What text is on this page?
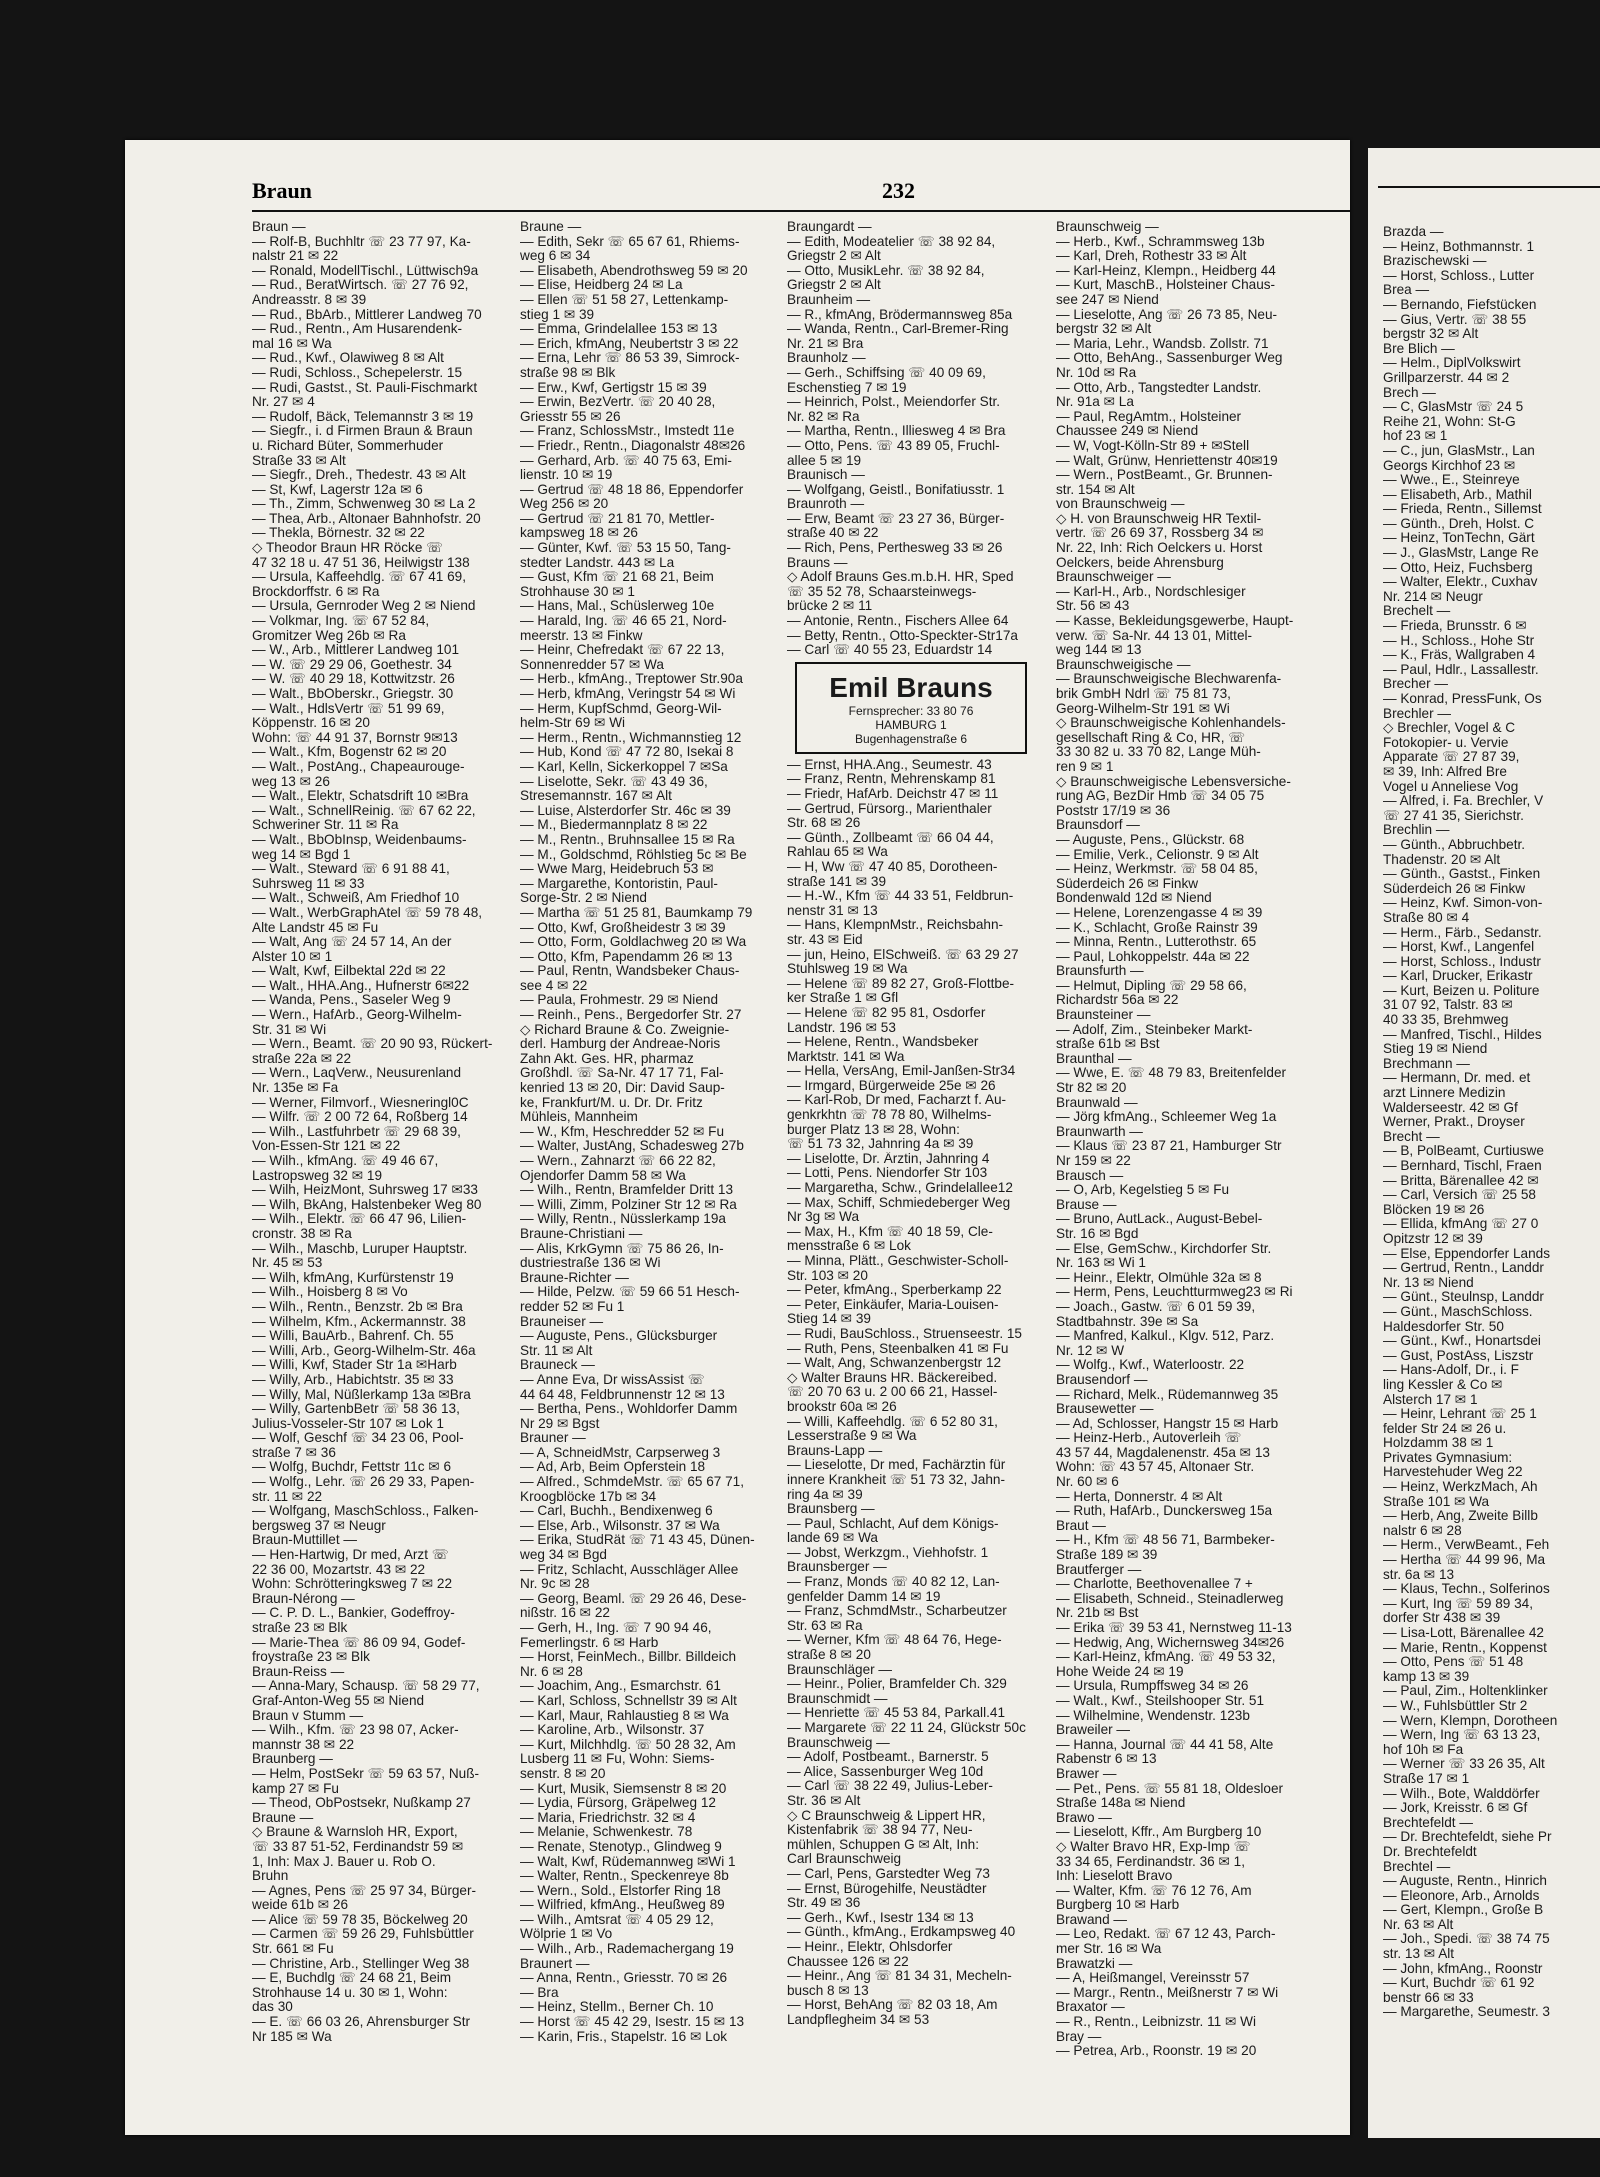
Braun	232
Braun —
— Rolf-B, Buchhltr ☏ 23 77 97, Ka-
nalstr 21 ✉ 22
— Ronald, ModellTischl., Lüttwisch9a
— Rud., BeratWirtsch. ☏ 27 76 92,
Andreasstr. 8 ✉ 39
— Rud., BbArb., Mittlerer Landweg 70
— Rud., Rentn., Am Husarendenk-
mal 16 ✉ Wa
— Rud., Kwf., Olawiweg 8 ✉ Alt
— Rudi, Schloss., Schepelerstr. 15
— Rudi, Gastst., St. Pauli-Fischmarkt
Nr. 27 ✉ 4
— Rudolf, Bäck, Telemannstr 3 ✉ 19
— Siegfr., i. d Firmen Braun & Braun
u. Richard Büter, Sommerhuder
Straße 33 ✉ Alt
— Siegfr., Dreh., Thedestr. 43 ✉ Alt
— St, Kwf, Lagerstr 12a ✉ 6
— Th., Zimm, Schwenweg 30 ✉ La 2
— Thea, Arb., Altonaer Bahnhofstr. 20
— Thekla, Börnestr. 32 ✉ 22
◇ Theodor Braun HR Röcke ☏
47 32 18 u. 47 51 36, Heilwigstr 138
— Ursula, Kaffeehdlg. ☏ 67 41 69,
Brockdorffstr. 6 ✉ Ra
— Ursula, Gernroder Weg 2 ✉ Niend
— Volkmar, Ing. ☏ 67 52 84,
Gromitzer Weg 26b ✉ Ra
— W., Arb., Mittlerer Landweg 101
— W. ☏ 29 29 06, Goethestr. 34
— W. ☏ 40 29 18, Kottwitzstr. 26
— Walt., BbOberskr., Griegstr. 30
— Walt., HdlsVertr ☏ 51 99 69,
Köppenstr. 16 ✉ 20
Wohn: ☏ 44 91 37, Bornstr 9✉13
— Walt., Kfm, Bogenstr 62 ✉ 20
— Walt., PostAng., Chapeaurouge-
weg 13 ✉ 26
— Walt., Elektr, Schatsdrift 10 ✉Bra
— Walt., SchnellReinig. ☏ 67 62 22,
Schweriner Str. 11 ✉ Ra
— Walt., BbObInsp, Weidenbaums-
weg 14 ✉ Bgd 1
— Walt., Steward ☏ 6 91 88 41,
Suhrsweg 11 ✉ 33
— Walt., Schweiß, Am Friedhof 10
— Walt., WerbGraphAtel ☏ 59 78 48,
Alte Landstr 45 ✉ Fu
— Walt, Ang ☏ 24 57 14, An der
Alster 10 ✉ 1
— Walt, Kwf, Eilbektal 22d ✉ 22
— Walt., HHA.Ang., Hufnerstr 6✉22
— Wanda, Pens., Saseler Weg 9
— Wern., HafArb., Georg-Wilhelm-
Str. 31 ✉ Wi
— Wern., Beamt. ☏ 20 90 93, Rückert-
straße 22a ✉ 22
— Wern., LaqVerw., Neusurenland
Nr. 135e ✉ Fa
— Werner, Filmvorf., Wiesneringl0C
— Wilfr. ☏ 2 00 72 64, Roßberg 14
— Wilh., Lastfuhrbetr ☏ 29 68 39,
Von-Essen-Str 121 ✉ 22
— Wilh., kfmAng. ☏ 49 46 67,
Lastropsweg 32 ✉ 19
— Wilh, HeizMont, Suhrsweg 17 ✉33
— Wilh, BkAng, Halstenbeker Weg 80
— Wilh., Elektr. ☏ 66 47 96, Lilien-
cronstr. 38 ✉ Ra
— Wilh., Maschb, Luruper Hauptstr.
Nr. 45 ✉ 53
— Wilh, kfmAng, Kurfürstenstr 19
— Wilh., Hoisberg 8 ✉ Vo
— Wilh., Rentn., Benzstr. 2b ✉ Bra
— Wilhelm, Kfm., Ackermannstr. 38
— Willi, BauArb., Bahrenf. Ch. 55
— Willi, Arb., Georg-Wilhelm-Str. 46a
— Willi, Kwf, Stader Str 1a ✉Harb
— Willy, Arb., Habichtstr. 35 ✉ 33
— Willy, Mal, Nüßlerkamp 13a ✉Bra
— Willy, GartenbBetr ☏ 58 36 13,
Julius-Vosseler-Str 107 ✉ Lok 1
— Wolf, Geschf ☏ 34 23 06, Pool-
straße 7 ✉ 36
— Wolfg, Buchdr, Fettstr 11c ✉ 6
— Wolfg., Lehr. ☏ 26 29 33, Papen-
str. 11 ✉ 22
— Wolfgang, MaschSchloss., Falken-
bergsweg 37 ✉ Neugr
Braun-Muttillet —
— Hen-Hartwig, Dr med, Arzt ☏
22 36 00, Mozartstr. 43 ✉ 22
Wohn: Schrötteringksweg 7 ✉ 22
Braun-Nérong —
— C. P. D. L., Bankier, Godeffroy-
straße 23 ✉ Blk
— Marie-Thea ☏ 86 09 94, Godef-
froystraße 23 ✉ Blk
Braun-Reiss —
— Anna-Mary, Schausp. ☏ 58 29 77,
Graf-Anton-Weg 55 ✉ Niend
Braun v Stumm —
— Wilh., Kfm. ☏ 23 98 07, Acker-
mannstr 38 ✉ 22
Braunberg —
— Helm, PostSekr ☏ 59 63 57, Nuß-
kamp 27 ✉ Fu
— Theod, ObPostsekr, Nußkamp 27
Braune —
◇ Braune & Warnsloh HR, Export,
☏ 33 87 51-52, Ferdinandstr 59 ✉
1, Inh: Max J. Bauer u. Rob O.
Bruhn
— Agnes, Pens ☏ 25 97 34, Bürger-
weide 61b ✉ 26
— Alice ☏ 59 78 35, Böckelweg 20
— Carmen ☏ 59 26 29, Fuhlsbüttler
Str. 661 ✉ Fu
— Christine, Arb., Stellinger Weg 38
— E, Buchdlg ☏ 24 68 21, Beim
Strohhause 14 u. 30 ✉ 1, Wohn:
das 30
— E. ☏ 66 03 26, Ahrensburger Str
Nr 185 ✉ Wa
Braune —
— Edith, Sekr ☏ 65 67 61, Rhiems-
weg 6 ✉ 34
— Elisabeth, Abendrothsweg 59 ✉ 20
— Elise, Heidberg 24 ✉ La
— Ellen ☏ 51 58 27, Lettenkamp-
stieg 1 ✉ 39
— Emma, Grindelallee 153 ✉ 13
— Erich, kfmAng, Neubertstr 3 ✉ 22
— Erna, Lehr ☏ 86 53 39, Simrock-
straße 98 ✉ Blk
— Erw., Kwf, Gertigstr 15 ✉ 39
— Erwin, BezVertr. ☏ 20 40 28,
Griesstr 55 ✉ 26
— Franz, SchlossMstr., Imstedt 11e
— Friedr., Rentn., Diagonalstr 48✉26
— Gerhard, Arb. ☏ 40 75 63, Emi-
lienstr. 10 ✉ 19
— Gertrud ☏ 48 18 86, Eppendorfer
Weg 256 ✉ 20
— Gertrud ☏ 21 81 70, Mettler-
kampsweg 18 ✉ 26
— Günter, Kwf. ☏ 53 15 50, Tang-
stedter Landstr. 443 ✉ La
— Gust, Kfm ☏ 21 68 21, Beim
Strohhause 30 ✉ 1
— Hans, Mal., Schüslerweg 10e
— Harald, Ing. ☏ 46 65 21, Nord-
meerstr. 13 ✉ Finkw
— Heinr, Chefredakt ☏ 67 22 13,
Sonnenredder 57 ✉ Wa
— Herb., kfmAng., Treptower Str.90a
— Herb, kfmAng, Veringstr 54 ✉ Wi
— Herm, KupfSchmd, Georg-Wil-
helm-Str 69 ✉ Wi
— Herm., Rentn., Wichmannstieg 12
— Hub, Kond ☏ 47 72 80, Isekai 8
— Karl, Kelln, Sickerkoppel 7 ✉Sa
— Liselotte, Sekr. ☏ 43 49 36,
Stresemannstr. 167 ✉ Alt
— Luise, Alsterdorfer Str. 46c ✉ 39
— M., Biedermannplatz 8 ✉ 22
— M., Rentn., Bruhnsallee 15 ✉ Ra
— M., Goldschmd, Röhlstieg 5c ✉ Be
— Wwe Marg, Heidebruch 53 ✉
— Margarethe, Kontoristin, Paul-
Sorge-Str. 2 ✉ Niend
— Martha ☏ 51 25 81, Baumkamp 79
— Otto, Kwf, Großheidestr 3 ✉ 39
— Otto, Form, Goldlachweg 20 ✉ Wa
— Otto, Kfm, Papendamm 26 ✉ 13
— Paul, Rentn, Wandsbeker Chaus-
see 4 ✉ 22
— Paula, Frohmestr. 29 ✉ Niend
— Reinh., Pens., Bergedorfer Str. 27
◇ Richard Braune & Co. Zweignie-
derl. Hamburg der Andreae-Noris
Zahn Akt. Ges. HR, pharmaz
Großhdl. ☏ Sa-Nr. 47 17 71, Fal-
kenried 13 ✉ 20, Dir: David Saup-
ke, Frankfurt/M. u. Dr. Dr. Fritz
Mühleis, Mannheim
— W., Kfm, Heschredder 52 ✉ Fu
— Walter, JustAng, Schadesweg 27b
— Wern., Zahnarzt ☏ 66 22 82,
Ojendorfer Damm 58 ✉ Wa
— Wilh., Rentn, Bramfelder Dritt 13
— Willi, Zimm, Polziner Str 12 ✉ Ra
— Willy, Rentn., Nüsslerkamp 19a
Braune-Christiani —
— Alis, KrkGymn ☏ 75 86 26, In-
dustriestraße 136 ✉ Wi
Braune-Richter —
— Hilde, Pelzw. ☏ 59 66 51 Hesch-
redder 52 ✉ Fu 1
Brauneiser —
— Auguste, Pens., Glücksburger
Str. 11 ✉ Alt
Brauneck —
— Anne Eva, Dr wissAssist ☏
44 64 48, Feldbrunnenstr 12 ✉ 13
— Bertha, Pens., Wohldorfer Damm
Nr 29 ✉ Bgst
Brauner —
— A, SchneidMstr, Carpserweg 3
— Ad, Arb, Beim Opferstein 18
— Alfred., SchmdeMstr. ☏ 65 67 71,
Kroogblöcke 17b ✉ 34
— Carl, Buchh., Bendixenweg 6
— Else, Arb., Wilsonstr. 37 ✉ Wa
— Erika, StudRät ☏ 71 43 45, Dünen-
weg 34 ✉ Bgd
— Fritz, Schlacht, Ausschläger Allee
Nr. 9c ✉ 28
— Georg, Beaml. ☏ 29 26 46, Dese-
nißstr. 16 ✉ 22
— Gerh, H., Ing. ☏ 7 90 94 46,
Femerlingstr. 6 ✉ Harb
— Horst, FeinMech., Billbr. Billdeich
Nr. 6 ✉ 28
— Joachim, Ang., Esmarchstr. 61
— Karl, Schloss, Schnellstr 39 ✉ Alt
— Karl, Maur, Rahlaustieg 8 ✉ Wa
— Karoline, Arb., Wilsonstr. 37
— Kurt, Milchhdlg. ☏ 50 28 32, Am
Lusberg 11 ✉ Fu, Wohn: Siems-
senstr. 8 ✉ 20
— Kurt, Musik, Siemsenstr 8 ✉ 20
— Lydia, Fürsorg, Gräpelweg 12
— Maria, Friedrichstr. 32 ✉ 4
— Melanie, Schwenkestr. 78
— Renate, Stenotyp., Glindweg 9
— Walt, Kwf, Rüdemannweg ✉Wi 1
— Walter, Rentn., Speckenreye 8b
— Wern., Sold., Elstorfer Ring 18
— Wilfried, kfmAng., Heußweg 89
— Wilh., Amtsrat ☏ 4 05 29 12,
Wölpriе 1 ✉ Vo
— Wilh., Arb., Rademachergang 19
Braunert —
— Anna, Rentn., Griesstr. 70 ✉ 26
— Bra
— Heinz, Stellm., Berner Ch. 10
— Horst ☏ 45 42 29, Isestr. 15 ✉ 13
— Karin, Fris., Stapelstr. 16 ✉ Lok
Braungardt —
— Edith, Modeatelier ☏ 38 92 84,
Griegstr 2 ✉ Alt
— Otto, MusikLehr. ☏ 38 92 84,
Griegstr 2 ✉ Alt
Braunheim —
— R., kfmAng, Brödermannsweg 85a
— Wanda, Rentn., Carl-Bremer-Ring
Nr. 21 ✉ Bra
Braunholz —
— Gerh., Schiffsing ☏ 40 09 69,
Eschenstieg 7 ✉ 19
— Heinrich, Polst., Meiendorfer Str.
Nr. 82 ✉ Ra
— Martha, Rentn., Illiesweg 4 ✉ Bra
— Otto, Pens. ☏ 43 89 05, Fruchl-
allee 5 ✉ 19
Braunisch —
— Wolfgang, Geistl., Bonifatiusstr. 1
Braunroth —
— Erw, Beamt ☏ 23 27 36, Bürger-
straße 40 ✉ 22
— Rich, Pens, Perthesweg 33 ✉ 26
Brauns —
◇ Adolf Brauns Ges.m.b.H. HR, Sped
☏ 35 52 78, Schaarsteinwegs-
brücke 2 ✉ 11
— Antonie, Rentn., Fischers Allee 64
— Betty, Rentn., Otto-Speckter-Str17a
— Carl ☏ 40 55 23, Eduardstr 14
Emil Brauns
Fernsprecher: 33 80 76
HAMBURG 1
Bugenhagenstraße 6
— Ernst, HHA.Ang., Seumestr. 43
— Franz, Rentn, Mehrenskamp 81
— Friedr, HafArb. Deichstr 47 ✉ 11
— Gertrud, Fürsorg., Marienthaler
Str. 68 ✉ 26
— Günth., Zollbeamt ☏ 66 04 44,
Rahlau 65 ✉ Wa
— H, Ww ☏ 47 40 85, Dorotheen-
straße 141 ✉ 39
— H.-W., Kfm ☏ 44 33 51, Feldbrun-
nenstr 31 ✉ 13
— Hans, KlempnMstr., Reichsbahn-
str. 43 ✉ Eid
— jun, Heino, ElSchweiß. ☏ 63 29 27
Stuhlsweg 19 ✉ Wa
— Helene ☏ 89 82 27, Groß-Flottbe-
ker Straße 1 ✉ Gfl
— Helene ☏ 82 95 81, Osdorfer
Landstr. 196 ✉ 53
— Helene, Rentn., Wandsbeker
Marktstr. 141 ✉ Wa
— Hella, VersAng, Emil-Janßen-Str34
— Irmgard, Bürgerweide 25e ✉ 26
— Karl-Rob, Dr med, Facharzt f. Au-
genkrkhtn ☏ 78 78 80, Wilhelms-
burger Platz 13 ✉ 28, Wohn:
☏ 51 73 32, Jahnring 4a ✉ 39
— Liselotte, Dr. Ärztin, Jahnring 4
— Lotti, Pens. Niendorfer Str 103
— Margaretha, Schw., Grindelallee12
— Max, Schiff, Schmiedeberger Weg
Nr 3g ✉ Wa
— Max, H., Kfm ☏ 40 18 59, Cle-
mensstraße 6 ✉ Lok
— Minna, Plätt., Geschwister-Scholl-
Str. 103 ✉ 20
— Peter, kfmAng., Sperberkamp 22
— Peter, Einkäufer, Maria-Louisen-
Stieg 14 ✉ 39
— Rudi, BauSchloss., Struenseestr. 15
— Ruth, Pens, Steenbalken 41 ✉ Fu
— Walt, Ang, Schwanzenbergstr 12
◇ Walter Brauns HR. Bäckereibed.
☏ 20 70 63 u. 2 00 66 21, Hassel-
brookstr 60a ✉ 26
— Willi, Kaffeehdlg. ☏ 6 52 80 31,
Lesserstraße 9 ✉ Wa
Brauns-Lapp —
— Lieselotte, Dr med, Fachärztin für
innere Krankheit ☏ 51 73 32, Jahn-
ring 4a ✉ 39
Braunsberg —
— Paul, Schlacht, Auf dem Königs-
lande 69 ✉ Wa
— Jobst, Werkzgm., Viehhofstr. 1
Braunsberger —
— Franz, Monds ☏ 40 82 12, Lan-
genfelder Damm 14 ✉ 19
— Franz, SchmdMstr., Scharbeutzer
Str. 63 ✉ Ra
— Werner, Kfm ☏ 48 64 76, Hege-
straße 8 ✉ 20
Braunschläger —
— Heinr., Polier, Bramfelder Ch. 329
Braunschmidt —
— Henriette ☏ 45 53 84, Parkall.41
— Margarete ☏ 22 11 24, Glückstr 50c
Braunschweig —
— Adolf, Postbeamt., Barnerstr. 5
— Alice, Sassenburger Weg 10d
— Carl ☏ 38 22 49, Julius-Leber-
Str. 36 ✉ Alt
◇ C Braunschweig & Lippert HR,
Kistenfabrik ☏ 38 94 77, Neu-
mühlen, Schuppen G ✉ Alt, Inh:
Carl Braunschweig
— Carl, Pens, Garstedter Weg 73
— Ernst, Bürogehilfe, Neustädter
Str. 49 ✉ 36
— Gerh., Kwf., Isestr 134 ✉ 13
— Günth., kfmAng., Erdkampsweg 40
— Heinr., Elektr, Ohlsdorfer
Chaussee 126 ✉ 22
— Heinr., Ang ☏ 81 34 31, Mecheln-
busch 8 ✉ 13
— Horst, BehAng ☏ 82 03 18, Am
Landpflegheim 34 ✉ 53
Braunschweig —
— Herb., Kwf., Schrammsweg 13b
— Karl, Dreh, Rothestr 33 ✉ Alt
— Karl-Heinz, Klempn., Heidberg 44
— Kurt, MaschB., Holsteiner Chaus-
see 247 ✉ Niend
— Lieselotte, Ang ☏ 26 73 85, Neu-
bergstr 32 ✉ Alt
— Maria, Lehr., Wandsb. Zollstr. 71
— Otto, BehAng., Sassenburger Weg
Nr. 10d ✉ Ra
— Otto, Arb., Tangstedter Landstr.
Nr. 91a ✉ La
— Paul, RegAmtm., Holsteiner
Chaussee 249 ✉ Niend
— W, Vogt-Kölln-Str 89 + ✉Stell
— Walt, Grünw, Henriettenstr 40✉19
— Wern., PostBeamt., Gr. Brunnen-
str. 154 ✉ Alt
von Braunschweig —
◇ H. von Braunschweig HR Textil-
vertr. ☏ 26 69 37, Rossberg 34 ✉
Nr. 22, Inh: Rich Oelckers u. Horst
Oelckers, beide Ahrensburg
Braunschweiger —
— Karl-H., Arb., Nordschlesiger
Str. 56 ✉ 43
— Kasse, Bekleidungsgewerbe, Haupt-
verw. ☏ Sa-Nr. 44 13 01, Mittel-
weg 144 ✉ 13
Braunschweigische —
— Braunschweigische Blechwarenfa-
brik GmbH Ndrl ☏ 75 81 73,
Georg-Wilhelm-Str 191 ✉ Wi
◇ Braunschweigische Kohlenhandels-
gesellschaft Ring & Co, HR, ☏
33 30 82 u. 33 70 82, Lange Müh-
ren 9 ✉ 1
◇ Braunschweigische Lebensversiche-
rung AG, BezDir Hmb ☏ 34 05 75
Poststr 17/19 ✉ 36
Braunsdorf —
— Auguste, Pens., Glückstr. 68
— Emilie, Verk., Celionstr. 9 ✉ Alt
— Heinz, Werkmstr. ☏ 58 04 85,
Süderdeich 26 ✉ Finkw
Bondenwald 12d ✉ Niend
— Helene, Lorenzengasse 4 ✉ 39
— K., Schlacht, Große Rainstr 39
— Minna, Rentn., Lutterothstr. 65
— Paul, Lohkoppelstr. 44a ✉ 22
Braunsfurth —
— Helmut, Dipling ☏ 29 58 66,
Richardstr 56a ✉ 22
Braunsteiner —
— Adolf, Zim., Steinbeker Markt-
straße 61b ✉ Bst
Braunthal —
— Wwe, E. ☏ 48 79 83, Breitenfelder
Str 82 ✉ 20
Braunwald —
— Jörg kfmAng., Schleemer Weg 1a
Braunwarth —
— Klaus ☏ 23 87 21, Hamburger Str
Nr 159 ✉ 22
Brausch —
— O, Arb, Kegelstieg 5 ✉ Fu
Brause —
— Bruno, AutLack., August-Bebel-
Str. 16 ✉ Bgd
— Else, GemSchw., Kirchdorfer Str.
Nr. 163 ✉ Wi 1
— Heinr., Elektr, Olmühle 32a ✉ 8
— Herm, Pens, Leuchtturmweg23 ✉ Ri
— Joach., Gastw. ☏ 6 01 59 39,
Stadtbahnstr. 39e ✉ Sa
— Manfred, Kalkul., Klgv. 512, Parz.
Nr. 12 ✉ W
— Wolfg., Kwf., Waterloostr. 22
Brausendorf —
— Richard, Melk., Rüdemannweg 35
Brausewetter —
— Ad, Schlosser, Hangstr 15 ✉ Harb
— Heinz-Herb., Autoverleih ☏
43 57 44, Magdalenenstr. 45a ✉ 13
Wohn: ☏ 43 57 45, Altonaer Str.
Nr. 60 ✉ 6
— Herta, Donnerstr. 4 ✉ Alt
— Ruth, HafArb., Dunckersweg 15a
Braut —
— H., Kfm ☏ 48 56 71, Barmbeker-
Straße 189 ✉ 39
Brautferger —
— Charlotte, Beethovenallee 7 +
— Elisabeth, Schneid., Steinadlerweg
Nr. 21b ✉ Bst
— Erika ☏ 39 53 41, Nernstweg 11-13
— Hedwig, Ang, Wichernsweg 34✉26
— Karl-Heinz, kfmAng. ☏ 49 53 32,
Hohe Weide 24 ✉ 19
— Ursula, Rumpffsweg 34 ✉ 26
— Walt., Kwf., Steilshooper Str. 51
— Wilhelmine, Wendenstr. 123b
Braweiler —
— Hanna, Journal ☏ 44 41 58, Alte
Rabenstr 6 ✉ 13
Brawer —
— Pet., Pens. ☏ 55 81 18, Oldesloer
Straße 148a ✉ Niend
Brawo —
— Lieselott, Kffr., Am Burgberg 10
◇ Walter Bravo HR, Exp-Imp ☏
33 34 65, Ferdinandstr. 36 ✉ 1,
Inh: Lieselott Bravo
— Walter, Kfm. ☏ 76 12 76, Am
Burgberg 10 ✉ Harb
Brawand —
— Leo, Redakt. ☏ 67 12 43, Parch-
mer Str. 16 ✉ Wa
Brawatzki —
— A, Heißmangel, Vereinsstr 57
— Margr., Rentn., Meißnerstr 7 ✉ Wi
Braxator —
— R., Rentn., Leibnizstr. 11 ✉ Wi
Bray —
— Petrea, Arb., Roonstr. 19 ✉ 20
Brazda —
— Heinz, Bothmannstr. 1
Brazischewski —
— Horst, Schloss., Lutter
Brea —
— Bernando, Fiefstücken
— Gius, Vertr. ☏ 38 55
bergstr 32 ✉ Alt
Bre Blich —
— Helm., DiplVolkswirt
Grillparzerstr. 44 ✉ 2
Brech —
— C, GlasMstr ☏ 24 5
Reihe 21, Wohn: St-G
hof 23 ✉ 1
— C., jun, GlasMstr., Lan
Georgs Kirchhof 23 ✉
— Wwe., E., Steinreye
— Elisabeth, Arb., Mathil
— Frieda, Rentn., Sillemst
— Günth., Dreh, Holst. C
— Heinz, TonTechn, Gärt
— J., GlasMstr, Lange Re
— Otto, Heiz, Fuchsberg
— Walter, Elektr., Cuxhav
Nr. 214 ✉ Neugr
Brechelt —
— Frieda, Brunsstr. 6 ✉
— H., Schloss., Hohe Str
— K., Fräs, Wallgraben 4
— Paul, Hdlr., Lassallestr.
Brecher —
— Konrad, PressFunk, Os
Brechler —
◇ Brechler, Vogel & C
Fotokopier- u. Vervie
Apparate ☏ 27 87 39,
✉ 39, Inh: Alfred Bre
Vogel u Anneliese Vog
— Alfred, i. Fa. Brechler, V
☏ 27 41 35, Sierichstr.
Brechlin —
— Günth., Abbruchbetr.
Thadenstr. 20 ✉ Alt
— Günth., Gastst., Finken
Süderdeich 26 ✉ Finkw
— Heinz, Kwf. Simon-von-
Straße 80 ✉ 4
— Herm., Färb., Sedanstr.
— Horst, Kwf., Langenfel
— Horst, Schloss., Industr
— Karl, Drucker, Erikastr
— Kurt, Beizen u. Politure
31 07 92, Talstr. 83 ✉
40 33 35, Brehmweg
— Manfred, Tischl., Hildes
Stieg 19 ✉ Niend
Brechmann —
— Hermann, Dr. med. et
arzt Linnere Medizin
Waldersеestr. 42 ✉ Gf
Werner, Prakt., Droyser
Brecht —
— B, PolBeamt, Curtiuswe
— Bernhard, Tischl, Fraen
— Britta, Bärenallee 42 ✉
— Carl, Versich ☏ 25 58
Blöcken 19 ✉ 26
— Ellida, kfmAng ☏ 27 0
Opitzstr 12 ✉ 39
— Else, Eppendorfer Lands
— Gertrud, Rentn., Landdr
Nr. 13 ✉ Niend
— Günt., Steulnsp, Landdr
— Günt., MaschSchloss.
Haldesdorfer Str. 50
— Günt., Kwf., Honartsdei
— Gust, PostAss, Liszstr
— Hans-Adolf, Dr., i. F
ling Kessler & Co ✉
Alsterch 17 ✉ 1
— Heinr, Lehrant ☏ 25 1
felder Str 24 ✉ 26 u.
Holzdamm 38 ✉ 1
Privates Gymnasium:
Harvestehuder Weg 22
— Heinz, WerkzMach, Ah
Straße 101 ✉ Wa
— Herb, Ang, Zweite Billb
nalstr 6 ✉ 28
— Herm., VerwBeamt., Feh
— Hertha ☏ 44 99 96, Ma
str. 6a ✉ 13
— Klaus, Techn., Solferinos
— Kurt, Ing ☏ 59 89 34,
dorfer Str 438 ✉ 39
— Lisa-Lott, Bärenallee 42
— Marie, Rentn., Koppenst
— Otto, Pens ☏ 51 48
kamp 13 ✉ 39
— Paul, Zim., Holtenklinker
— W., Fuhlsbüttler Str 2
— Wern, Klempn, Dorotheen
— Wern, Ing ☏ 63 13 23,
hof 10h ✉ Fa
— Werner ☏ 33 26 35, Alt
Straße 17 ✉ 1
— Wilh., Bote, Walddörfer
— Jork, Kreisstr. 6 ✉ Gf
Brechtefeldt —
— Dr. Brechtefeldt, siehe Pr
Dr. Brechtefeldt
Brechtel —
— Auguste, Rentn., Hinrich
— Eleonore, Arb., Arnolds
— Gert, Klempn., Große B
Nr. 63 ✉ Alt
— Joh., Spedi. ☏ 38 74 75
str. 13 ✉ Alt
— John, kfmAng., Roonstr
— Kurt, Buchdr ☏ 61 92
benstr 66 ✉ 33
— Margarethe, Seumestr. 3
